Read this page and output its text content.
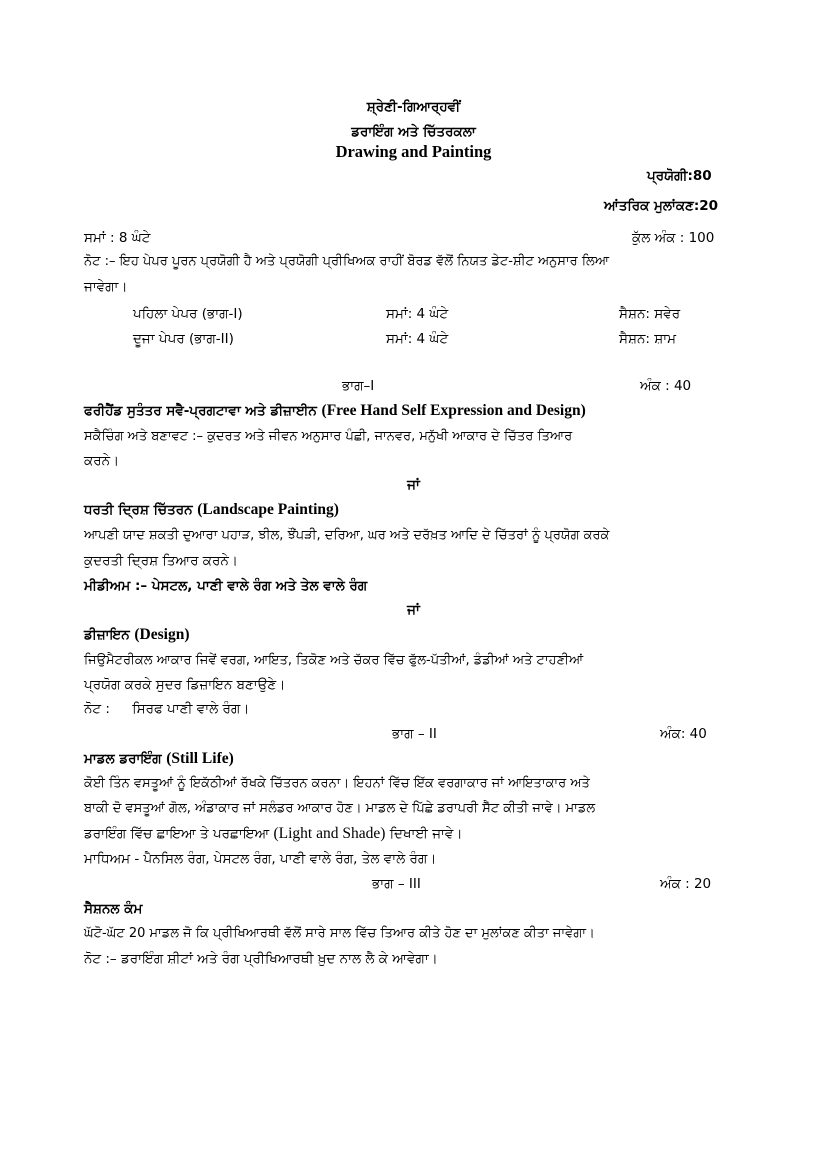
ਸ਼੍ਰੇਣੀ-ਗਿਆਰ੍ਹਵੀਂ
ਡਰਾਇੰਗ ਅਤੇ ਚਿੱਤਰਕਲਾ
Drawing and Painting
ਪ੍ਰਯੋਗੀ:80
ਆਂਤਰਿਕ ਮੁਲਾਂਕਣ:20
ਸਮਾਂ : 8 ਘੰਟੇ	ਕੁੱਲ ਅੰਕ : 100
ਨੋਟ :– ਇਹ ਪੇਪਰ ਪੂਰਨ ਪ੍ਰਯੋਗੀ ਹੈ ਅਤੇ ਪ੍ਰਯੋਗੀ ਪ੍ਰੀਖਿਅਕ ਰਾਹੀਂ ਬੋਰਡ ਵੱਲੋਂ ਨਿਯਤ ਡੇਟ-ਸ਼ੀਟ ਅਨੁਸਾਰ ਲਿਆ
ਜਾਵੇਗਾ।
ਪਹਿਲਾ ਪੇਪਰ (ਭਾਗ-I)	ਸਮਾਂ: 4 ਘੰਟੇ	ਸੈਸ਼ਨ: ਸਵੇਰ
ਦੂਜਾ ਪੇਪਰ (ਭਾਗ-II)	ਸਮਾਂ: 4 ਘੰਟੇ	ਸੈਸ਼ਨ: ਸ਼ਾਮ
ਭਾਗ–I	ਅੰਕ : 40
ਫਰੀਹੈਂਡ ਸੁਤੰਤਰ ਸਵੈ-ਪ੍ਰਗਟਾਵਾ ਅਤੇ ਡੀਜ਼ਾਈਨ (Free Hand Self Expression and Design)
ਸਕੈਚਿੰਗ ਅਤੇ ਬਣਾਵਟ :– ਕੁਦਰਤ ਅਤੇ ਜੀਵਨ ਅਨੁਸਾਰ ਪੰਛੀ, ਜਾਨਵਰ, ਮਨੁੱਖੀ ਆਕਾਰ ਦੇ ਚਿੱਤਰ ਤਿਆਰ
ਕਰਨੇ।
ਜਾਂ
ਧਰਤੀ ਦ੍ਰਿਸ਼ ਚਿੱਤਰਨ (Landscape Painting)
ਆਪਣੀ ਯਾਦ ਸ਼ਕਤੀ ਦੁਆਰਾ ਪਹਾੜ, ਝੀਲ, ਝੌਂਪੜੀ, ਦਰਿਆ, ਘਰ ਅਤੇ ਦਰੱਖ਼ਤ ਆਦਿ ਦੇ ਚਿੱਤਰਾਂ ਨੂੰ ਪ੍ਰਯੋਗ ਕਰਕੇ
ਕੁਦਰਤੀ ਦ੍ਰਿਸ਼ ਤਿਆਰ ਕਰਨੇ।
ਮੀਡੀਅਮ :– ਪੇਸਟਲ, ਪਾਣੀ ਵਾਲੇ ਰੰਗ ਅਤੇ ਤੇਲ ਵਾਲੇ ਰੰਗ
ਜਾਂ
ਡੀਜ਼ਾਇਨ (Design)
ਜਿਉਮੈਟਰੀਕਲ ਆਕਾਰ ਜਿਵੇਂ ਵਰਗ, ਆਇਤ, ਤਿਕੋਣ ਅਤੇ ਚੱਕਰ ਵਿੱਚ ਫੁੱਲ-ਪੱਤੀਆਂ, ਡੰਡੀਆਂ ਅਤੇ ਟਾਹਣੀਆਂ
ਪ੍ਰਯੋਗ ਕਰਕੇ ਸੁਦਰ ਡਿਜ਼ਾਇਨ ਬਣਾਉਣੇ।
ਨੋਟ : ਸਿਰਫ ਪਾਣੀ ਵਾਲੇ ਰੰਗ।
ਭਾਗ – II	ਅੰਕ: 40
ਮਾਡਲ ਡਰਾਇੰਗ (Still Life)
ਕੋਈ ਤਿੰਨ ਵਸਤੂਆਂ ਨੂੰ ਇਕੱਠੀਆਂ ਰੱਖਕੇ ਚਿੱਤਰਨ ਕਰਨਾ। ਇਹਨਾਂ ਵਿੱਚ ਇੱਕ ਵਰਗਾਕਾਰ ਜਾਂ ਆਇਤਾਕਾਰ ਅਤੇ
ਬਾਕੀ ਦੋ ਵਸਤੂਆਂ ਗੋਲ, ਅੰਡਾਕਾਰ ਜਾਂ ਸਲੰਡਰ ਆਕਾਰ ਹੋਣ। ਮਾਡਲ ਦੇ ਪਿੱਛੇ ਡਰਾਪਰੀ ਸੈੱਟ ਕੀਤੀ ਜਾਵੇ। ਮਾਡਲ
ਡਰਾਇੰਗ ਵਿੱਚ ਛਾਇਆ ਤੇ ਪਰਛਾਇਆ (Light and Shade) ਦਿਖਾਈ ਜਾਵੇ।
ਮਾਧਿਅਮ - ਪੈਨਸਿਲ ਰੰਗ, ਪੇਸਟਲ ਰੰਗ, ਪਾਣੀ ਵਾਲੇ ਰੰਗ, ਤੇਲ ਵਾਲੇ ਰੰਗ।
ਭਾਗ – III	ਅੰਕ : 20
ਸੈਸ਼ਨਲ ਕੰਮ
ਘੱਟੋ-ਘੱਟ 20 ਮਾਡਲ ਜੋ ਕਿ ਪ੍ਰੀਖਿਆਰਥੀ ਵੱਲੋਂ ਸਾਰੇ ਸਾਲ ਵਿੱਚ ਤਿਆਰ ਕੀਤੇ ਹੋਣ ਦਾ ਮੁਲਾਂਕਣ ਕੀਤਾ ਜਾਵੇਗਾ।
ਨੋਟ :– ਡਰਾਇੰਗ ਸ਼ੀਟਾਂ ਅਤੇ ਰੰਗ ਪ੍ਰੀਖਿਆਰਥੀ ਖ਼ੁਦ ਨਾਲ ਲੈ ਕੇ ਆਵੇਗਾ।
